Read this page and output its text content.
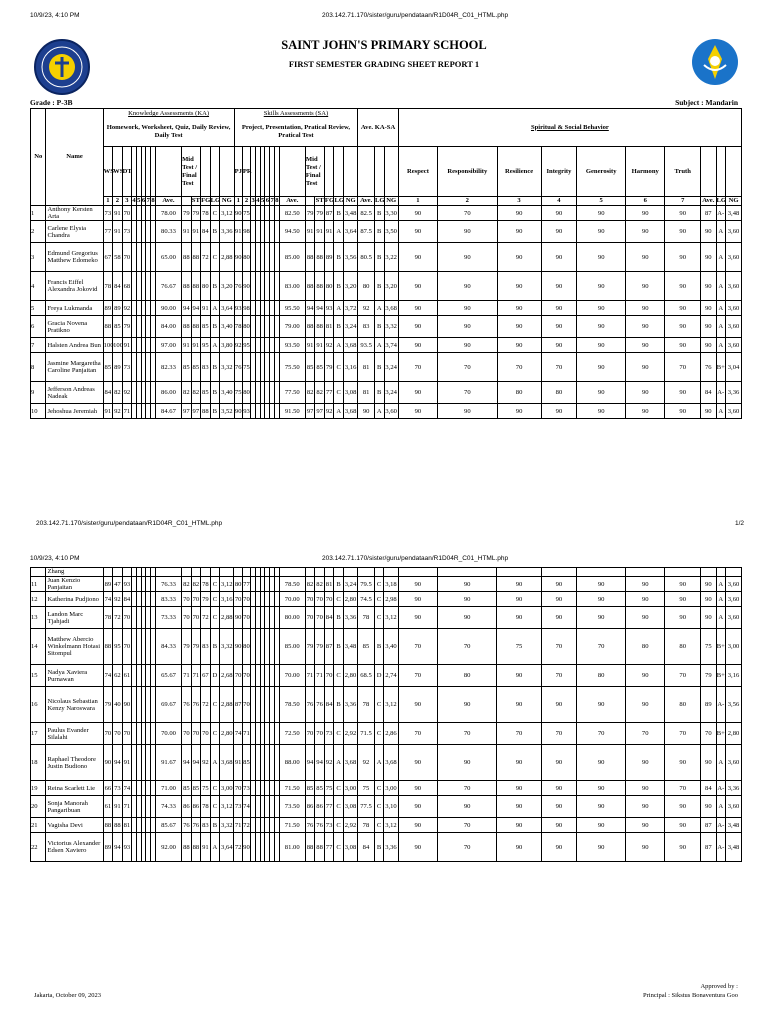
10/9/23, 4:10 PM	203.142.71.170/sister/guru/pendataan/R1D04R_C01_HTML.php
SAINT JOHN'S PRIMARY SCHOOL
FIRST SEMESTER GRADING SHEET REPORT 1
Grade : P-3B	Subject : Mandarin
No	Name	Knowledge Assessments (KA)														Skills Assessments (SA)														Ave. KA-SA			Spiritual & Social Behavior									
		Homework, Worksheet, Quiz, Daily Review, Daily Test														Project, Presentation, Pratical Review, Pratical Test																										
		WS	WS	DT							Mid Test / Final Test					PJ	PR								Mid Test / Final Test								Respect	Responsibility	Resilience	Integrity	Generosity	Harmony	Truth			
		1	2	3	4	5	6	7	8	Ave.		ST	FG	LG	NG	1	2	3	4	5	6	7	8	Ave.		ST	FG	LG	NG	Ave.	LG	NG	1	2	3	4	5	6	7	Ave.	LG	NG
1	Anthony Kersten Arta	73	91	70						78.00	79	79	78	C	3,12	90	75							82.50	79	79	87	B	3,48	82.5	B	3,30	90	70	90	90	90	90	90	87	A-	3,48
2	Carlene Elysia Chandra	77	91	73						80.33	91	91	84	B	3,36	91	98							94.50	91	91	91	A	3,64	87.5	B	3,50	90	90	90	90	90	90	90	90	A	3,60
3	Edmund Gregorius Matthew Edomeko	67	58	70						65.00	88	88	72	C	2,88	90	80							85.00	88	88	89	B	3,56	80.5	B	3,22	90	90	90	90	90	90	90	90	A	3,60
4	Francis Eiffel Alexandra Jokovid	78	84	68						76.67	88	88	80	B	3,20	76	90							83.00	88	88	80	B	3,20	80	B	3,20	90	90	90	90	90	90	90	90	A	3,60
5	Freya Lukmanda	89	89	92						90.00	94	94	91	A	3,64	93	98							95.50	94	94	93	A	3,72	92	A	3,68	90	90	90	90	90	90	90	90	A	3,60
6	Gracia Novena Pratikno	88	85	79						84.00	88	88	85	B	3,40	78	80							79.00	88	88	81	B	3,24	83	B	3,32	90	90	90	90	90	90	90	90	A	3,60
7	Halsten Andrea Bun	100	100	91						97.00	91	91	95	A	3,80	92	95							93.50	91	91	92	A	3,68	93.5	A	3,74	90	90	90	90	90	90	90	90	A	3,60
8	Jasmine Margaretha Caroline Panjaitan	85	89	73						82.33	85	85	83	B	3,32	76	75							75.50	85	85	79	C	3,16	81	B	3,24	70	70	70	70	90	90	70	76	B+	3,04
9	Jefferson Andreas Nadeak	84	82	92						86.00	82	82	85	B	3,40	75	80							77.50	82	82	77	C	3,08	81	B	3,24	90	70	80	80	90	90	90	84	A-	3,36
10	Jehoshua Jeremiah	91	92	71						84.67	97	97	88	B	3,52	90	93							91.50	97	97	92	A	3,68	90	A	3,60	90	90	90	90	90	90	90	90	A	3,60
203.142.71.170/sister/guru/pendataan/R1D04R_C01_HTML.php	1/2
10/9/23, 4:10 PM	203.142.71.170/sister/guru/pendataan/R1D04R_C01_HTML.php
	Zhang																																									
11	Juan Kenzio Panjaitan	89	47	93						76.33	82	82	78	C	3,12	80	77							78.50	82	82	81	B	3,24	79.5	C	3,18	90	90	90	90	90	90	90	90	A	3,60
12	Katherina Pudjiono	74	92	84						83.33	70	70	79	C	3,16	70	70							70.00	70	70	70	C	2,80	74.5	C	2,98	90	90	90	90	90	90	90	90	A	3,60
13	Landon Marc Tjahjadi	78	72	70						73.33	70	70	72	C	2,88	90	70							80.00	70	70	84	B	3,36	78	C	3,12	90	90	90	90	90	90	90	90	A	3,60
14	Matthew Abercio Winkelmann Hotasi Sitompul	88	95	70						84.33	79	79	83	B	3,32	90	80							85.00	79	79	87	B	3,48	85	B	3,40	70	70	75	70	70	80	80	75	B+	3,00
15	Nadya Xaviera Purnawan	74	62	61						65.67	71	71	67	D	2,68	70	70							70.00	71	71	70	C	2,80	68.5	D	2,74	70	80	90	70	80	90	70	79	B+	3,16
16	Nicolaus Sebastian Kenzy Naroswara	79	40	90						69.67	76	76	72	C	2,88	87	70							78.50	76	76	84	B	3,36	78	C	3,12	90	90	90	90	90	90	80	89	A-	3,56
17	Paulus Evander Silalahi	70	70	70						70.00	70	70	70	C	2,80	74	71							72.50	70	70	73	C	2,92	71.5	C	2,86	70	70	70	70	70	70	70	70	B+	2,80
18	Raphael Theodore Justin Budiono	90	94	91						91.67	94	94	92	A	3,68	91	85							88.00	94	94	92	A	3,68	92	A	3,68	90	90	90	90	90	90	90	90	A	3,60
19	Reina Scarlett Lie	66	73	74						71.00	85	85	75	C	3,00	70	73							71.50	85	85	75	C	3,00	75	C	3,00	90	70	90	90	90	90	70	84	A-	3,36
20	Sonja Manorah Pangaribuan	61	91	71						74.33	86	86	78	C	3,12	73	74							73.50	86	86	77	C	3,08	77.5	C	3,10	90	90	90	90	90	90	90	90	A	3,60
21	Vagisha Devi	88	88	81						85.67	76	76	83	B	3,32	71	72							71.50	76	76	73	C	2,92	78	C	3,12	90	70	90	90	90	90	90	87	A-	3,48
22	Victorius Alexander Edsen Xaviero	89	94	93						92.00	88	88	91	A	3,64	72	90							81.00	88	88	77	C	3,08	84	B	3,36	90	70	90	90	90	90	90	87	A-	3,48
Jakarta, October 09, 2023
Approved by :
Principal : Sikstus Bonaventura Goo
